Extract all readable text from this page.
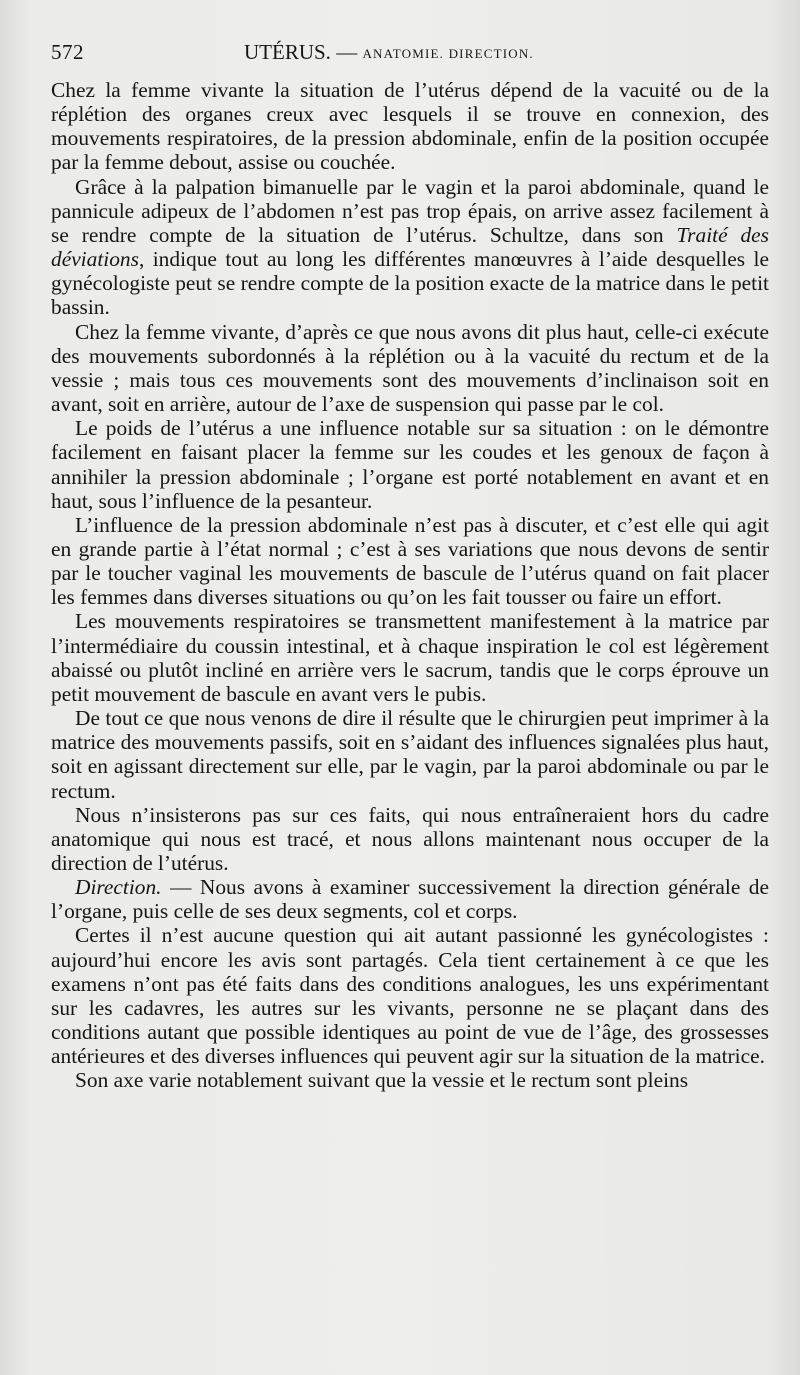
572	UTÉRUS. — ANATOMIE. DIRECTION.

Chez la femme vivante la situation de l’utérus dépend de la vacuité ou de la réplétion des organes creux avec lesquels il se trouve en connexion, des mouvements respiratoires, de la pression abdominale, enfin de la position occupée par la femme debout, assise ou couchée.

Grâce à la palpation bimanuelle par le vagin et la paroi abdominale, quand le pannicule adipeux de l’abdomen n’est pas trop épais, on arrive assez facilement à se rendre compte de la situation de l’utérus. Schultze, dans son Traité des déviations, indique tout au long les différentes manœuvres à l’aide desquelles le gynécologiste peut se rendre compte de la position exacte de la matrice dans le petit bassin.

Chez la femme vivante, d’après ce que nous avons dit plus haut, celle-ci exécute des mouvements subordonnés à la réplétion ou à la vacuité du rectum et de la vessie ; mais tous ces mouvements sont des mouvements d’inclinaison soit en avant, soit en arrière, autour de l’axe de suspension qui passe par le col.

Le poids de l’utérus a une influence notable sur sa situation : on le démontre facilement en faisant placer la femme sur les coudes et les genoux de façon à annihiler la pression abdominale ; l’organe est porté notablement en avant et en haut, sous l’influence de la pesanteur.

L’influence de la pression abdominale n’est pas à discuter, et c’est elle qui agit en grande partie à l’état normal ; c’est à ses variations que nous devons de sentir par le toucher vaginal les mouvements de bascule de l’utérus quand on fait placer les femmes dans diverses situations ou qu’on les fait tousser ou faire un effort.

Les mouvements respiratoires se transmettent manifestement à la matrice par l’intermédiaire du coussin intestinal, et à chaque inspiration le col est légèrement abaissé ou plutôt incliné en arrière vers le sacrum, tandis que le corps éprouve un petit mouvement de bascule en avant vers le pubis.

De tout ce que nous venons de dire il résulte que le chirurgien peut imprimer à la matrice des mouvements passifs, soit en s’aidant des influences signalées plus haut, soit en agissant directement sur elle, par le vagin, par la paroi abdominale ou par le rectum.

Nous n’insisterons pas sur ces faits, qui nous entraîneraient hors du cadre anatomique qui nous est tracé, et nous allons maintenant nous occuper de la direction de l’utérus.

Direction. — Nous avons à examiner successivement la direction générale de l’organe, puis celle de ses deux segments, col et corps.

Certes il n’est aucune question qui ait autant passionné les gynécologistes : aujourd’hui encore les avis sont partagés. Cela tient certainement à ce que les examens n’ont pas été faits dans des conditions analogues, les uns expérimentant sur les cadavres, les autres sur les vivants, personne ne se plaçant dans des conditions autant que possible identiques au point de vue de l’âge, des grossesses antérieures et des diverses influences qui peuvent agir sur la situation de la matrice.

Son axe varie notablement suivant que la vessie et le rectum sont pleins
